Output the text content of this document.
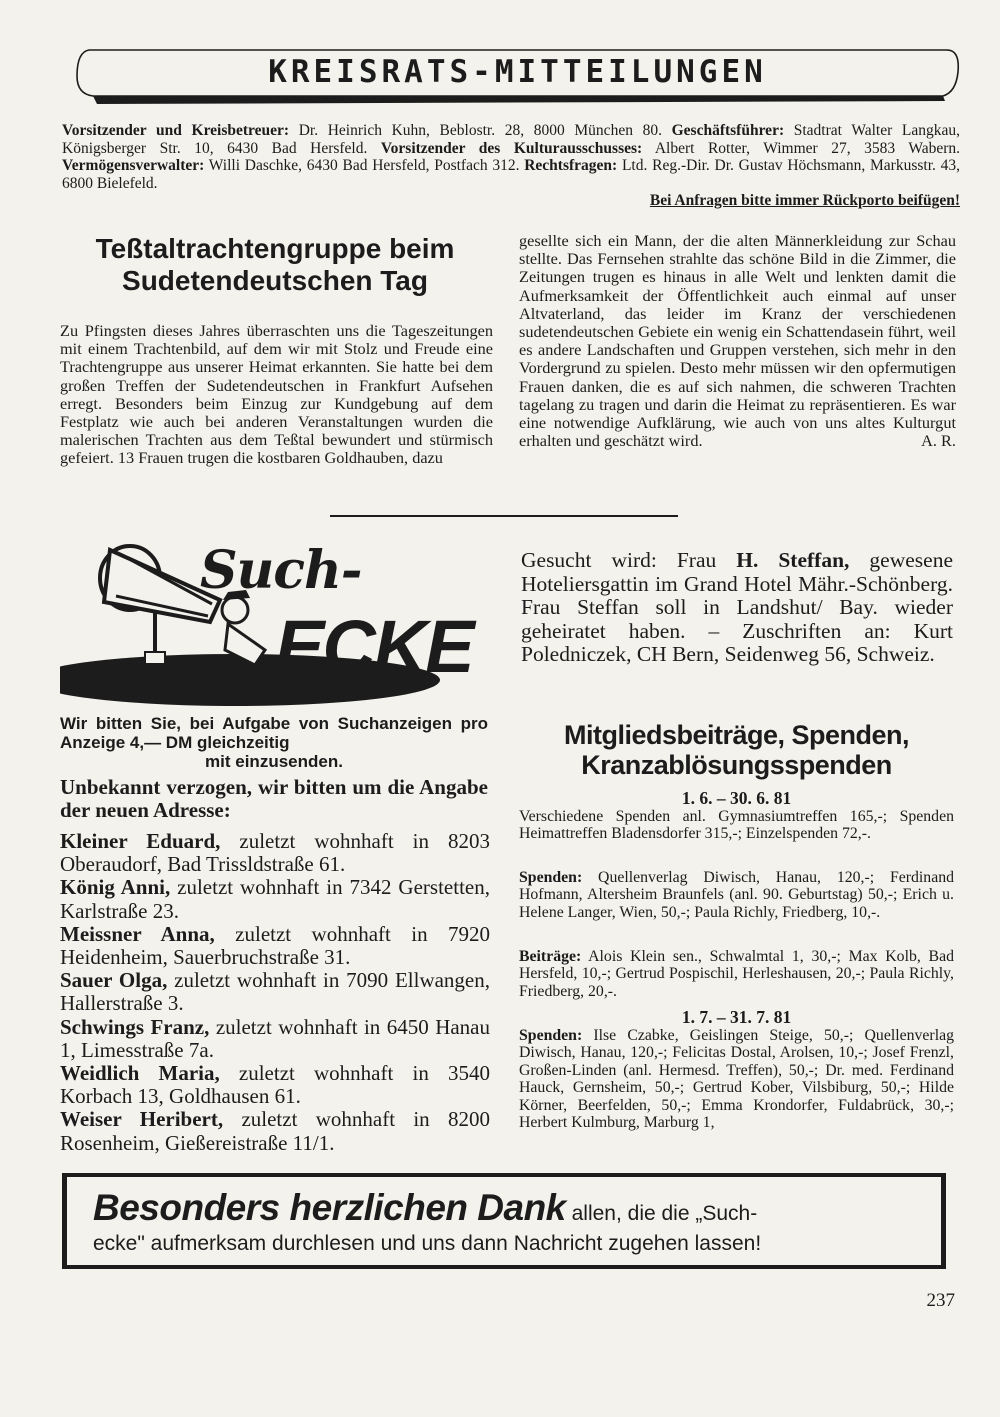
KREISRATS-MITTEILUNGEN
Vorsitzender und Kreisbetreuer: Dr. Heinrich Kuhn, Beblostr. 28, 8000 München 80. Geschäftsführer: Stadtrat Walter Langkau, Königsberger Str. 10, 6430 Bad Hersfeld. Vorsitzender des Kulturausschusses: Albert Rotter, Wimmer 27, 3583 Wabern. Vermögensverwalter: Willi Daschke, 6430 Bad Hersfeld, Postfach 312. Rechtsfragen: Ltd. Reg.-Dir. Dr. Gustav Höchsmann, Markusstr. 43, 6800 Bielefeld.
Bei Anfragen bitte immer Rückporto beifügen!
Teßtaltrachtengruppe beim Sudetendeutschen Tag
Zu Pfingsten dieses Jahres überraschten uns die Tageszeitungen mit einem Trachtenbild, auf dem wir mit Stolz und Freude eine Trachtengruppe aus unserer Heimat erkannten. Sie hatte bei dem großen Treffen der Sudetendeutschen in Frankfurt Aufsehen erregt. Besonders beim Einzug zur Kundgebung auf dem Festplatz wie auch bei anderen Veranstaltungen wurden die malerischen Trachten aus dem Teßtal bewundert und stürmisch gefeiert. 13 Frauen trugen die kostbaren Goldhauben, dazu
gesellte sich ein Mann, der die alten Männerkleidung zur Schau stellte. Das Fernsehen strahlte das schöne Bild in die Zimmer, die Zeitungen trugen es hinaus in alle Welt und lenkten damit die Aufmerksamkeit der Öffentlichkeit auch einmal auf unser Altvaterland, das leider im Kranz der verschiedenen sudetendeutschen Gebiete ein wenig ein Schattendasein führt, weil es andere Landschaften und Gruppen verstehen, sich mehr in den Vordergrund zu spielen. Desto mehr müssen wir den opfermutigen Frauen danken, die es auf sich nahmen, die schweren Trachten tagelang zu tragen und darin die Heimat zu repräsentieren. Es war eine notwendige Aufklärung, wie auch von uns altes Kulturgut erhalten und geschätzt wird.	A. R.
Such-
ECKE
Wir bitten Sie, bei Aufgabe von Suchanzeigen pro Anzeige 4,— DM gleichzeitig
mit einzusenden.
Unbekannt verzogen, wir bitten um die Angabe der neuen Adresse:
Kleiner Eduard, zuletzt wohnhaft in 8203 Oberaudorf, Bad Trissldstraße 61.
König Anni, zuletzt wohnhaft in 7342 Gerstetten, Karlstraße 23.
Meissner Anna, zuletzt wohnhaft in 7920 Heidenheim, Sauerbruchstraße 31.
Sauer Olga, zuletzt wohnhaft in 7090 Ellwangen, Hallerstraße 3.
Schwings Franz, zuletzt wohnhaft in 6450 Hanau 1, Limesstraße 7a.
Weidlich Maria, zuletzt wohnhaft in 3540 Korbach 13, Goldhausen 61.
Weiser Heribert, zuletzt wohnhaft in 8200 Rosenheim, Gießereistraße 11/1.
Gesucht wird: Frau H. Steffan, gewesene Hoteliersgattin im Grand Hotel Mähr.-Schönberg. Frau Steffan soll in Landshut/ Bay. wieder geheiratet haben. – Zuschriften an: Kurt Poledniczek, CH Bern, Seidenweg 56, Schweiz.
Mitgliedsbeiträge, Spenden, Kranzablösungsspenden
1. 6. – 30. 6. 81
Verschiedene Spenden anl. Gymnasiumtreffen 165,-; Spenden Heimattreffen Bladensdorfer 315,-; Einzelspenden 72,-.
Spenden: Quellenverlag Diwisch, Hanau, 120,-; Ferdinand Hofmann, Altersheim Braunfels (anl. 90. Geburtstag) 50,-; Erich u. Helene Langer, Wien, 50,-; Paula Richly, Friedberg, 10,-.
Beiträge: Alois Klein sen., Schwalmtal 1, 30,-; Max Kolb, Bad Hersfeld, 10,-; Gertrud Pospischil, Herleshausen, 20,-; Paula Richly, Friedberg, 20,-.
1. 7. – 31. 7. 81
Spenden: Ilse Czabke, Geislingen Steige, 50,-; Quellenverlag Diwisch, Hanau, 120,-; Felicitas Dostal, Arolsen, 10,-; Josef Frenzl, Großen-Linden (anl. Hermesd. Treffen), 50,-; Dr. med. Ferdinand Hauck, Gernsheim, 50,-; Gertrud Kober, Vilsbiburg, 50,-; Hilde Körner, Beerfelden, 50,-; Emma Krondorfer, Fuldabrück, 30,-; Herbert Kulmburg, Marburg 1,
Besonders herzlichen Dank allen, die die „Such-
ecke" aufmerksam durchlesen und uns dann Nachricht zugehen lassen!
237
